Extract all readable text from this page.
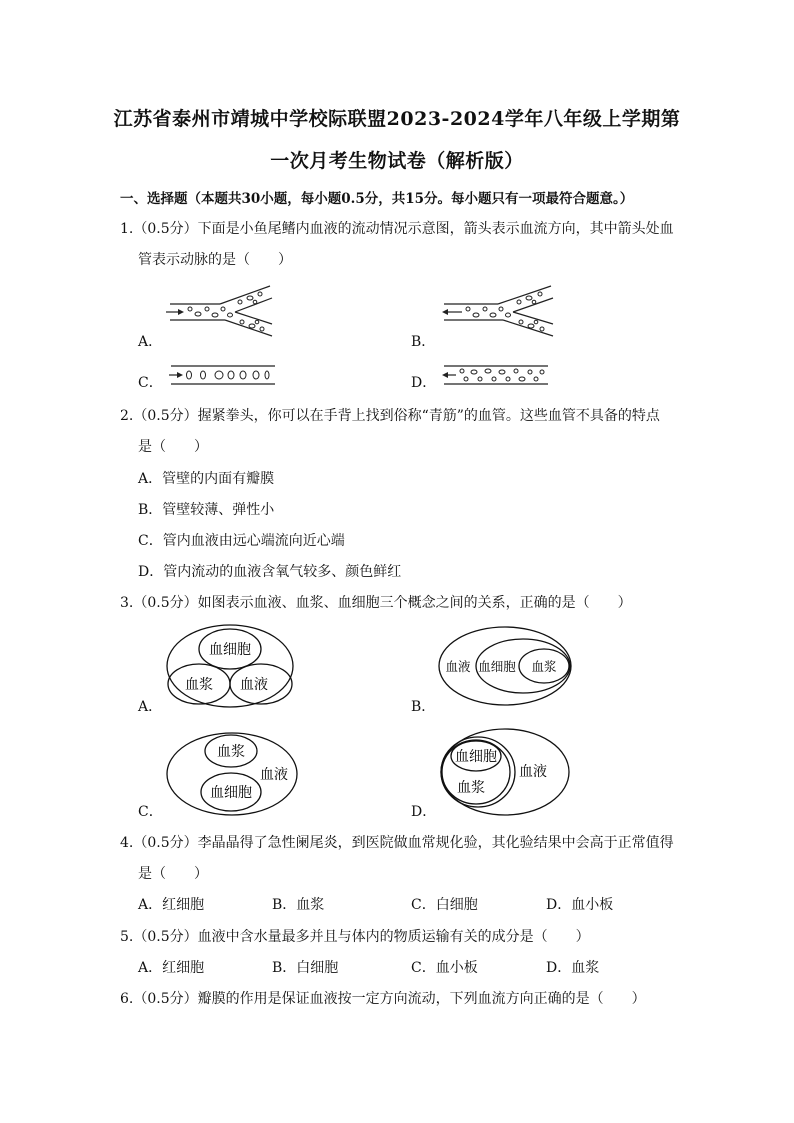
江苏省泰州市靖城中学校际联盟2023-2024学年八年级上学期第
一次月考生物试卷（解析版）
一、选择题（本题共30小题，每小题0.5分，共15分。每小题只有一项最符合题意。）
1.（0.5分）下面是小鱼尾鳍内血液的流动情况示意图，箭头表示血流方向，其中箭头处血
管表示动脉的是（　　）
A．	B．
C．	D．
2.（0.5分）握紧拳头，你可以在手背上找到俗称“青筋”的血管。这些血管不具备的特点
是（　　）
A．管壁的内面有瓣膜
B．管壁较薄、弹性小
C．管内血液由远心端流向近心端
D．管内流动的血液含氧气较多、颜色鲜红
3.（0.5分）如图表示血液、血浆、血细胞三个概念之间的关系，正确的是（　　）
A．
血细胞
血浆 血液
B．
血液 血细胞 血浆
C．
血浆
血细胞
血液
D．
血细胞
血浆
血液
4.（0.5分）李晶晶得了急性阑尾炎，到医院做血常规化验，其化验结果中会高于正常值得
是（　　）
A．红细胞	B．血浆	C．白细胞	D．血小板
5.（0.5分）血液中含水量最多并且与体内的物质运输有关的成分是（　　）
A．红细胞	B．白细胞	C．血小板	D．血浆
6.（0.5分）瓣膜的作用是保证血液按一定方向流动，下列血流方向正确的是（　　）
